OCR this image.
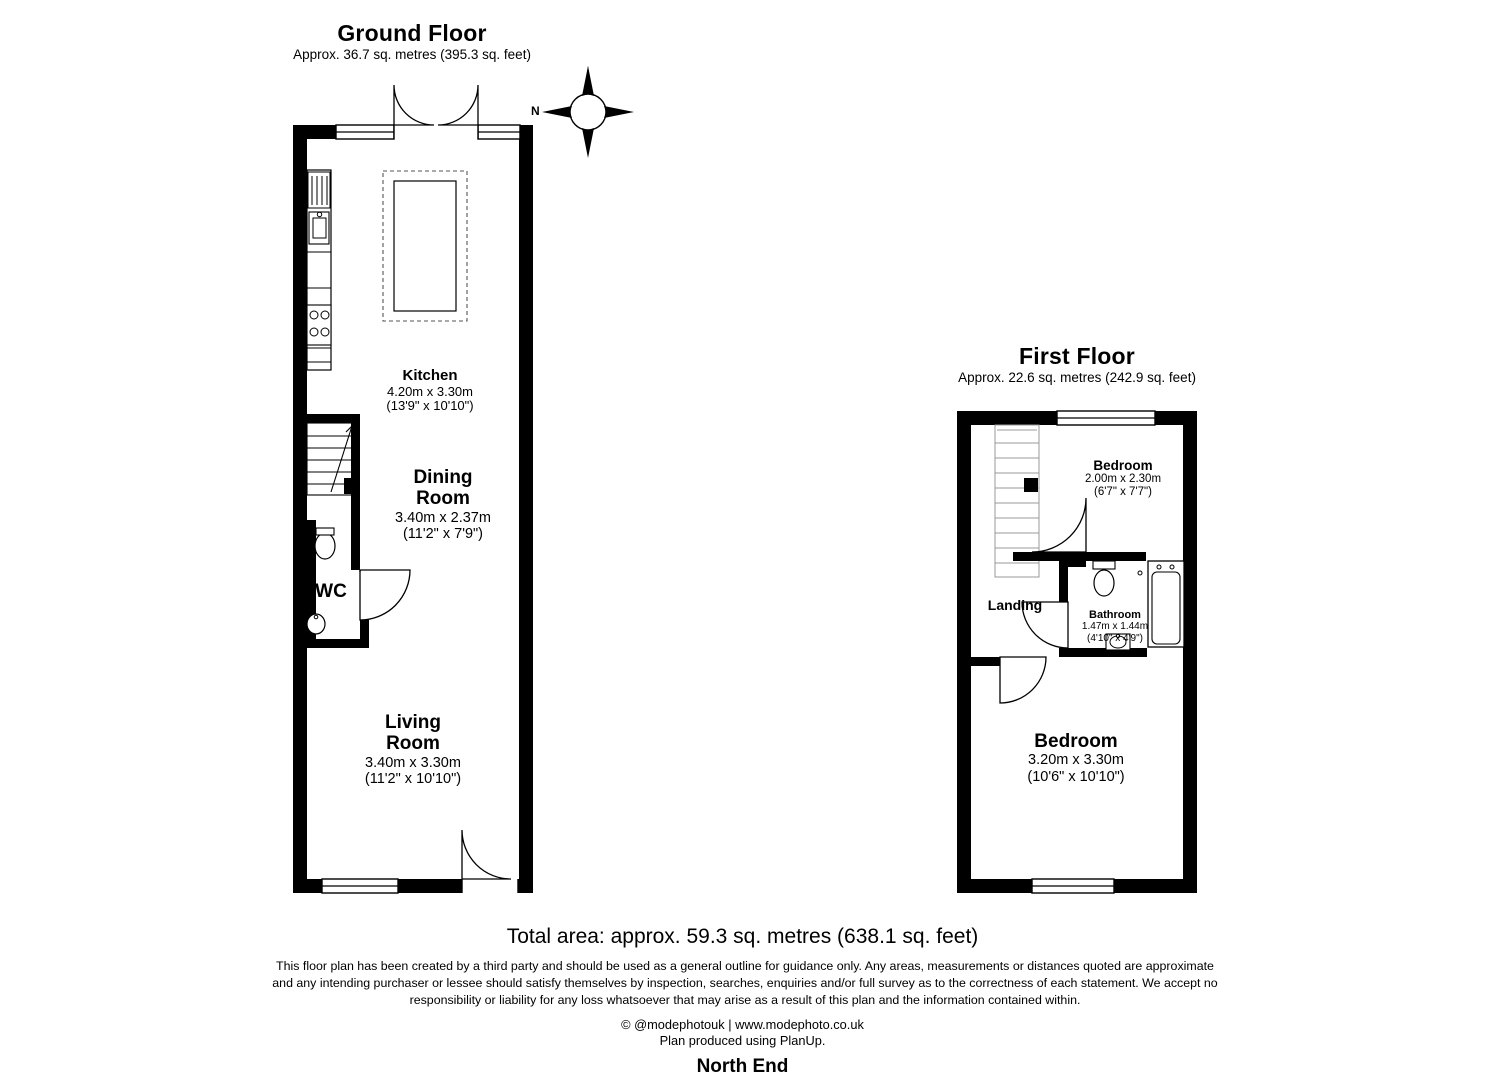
Ground Floor
Approx. 36.7 sq. metres (395.3 sq. feet)
N
Kitchen
4.20m x 3.30m
(13'9" x 10'10")
Dining
Room
3.40m x 2.37m
(11'2" x 7'9")
WC
Living
Room
3.40m x 3.30m
(11'2" x 10'10")
First Floor
Approx. 22.6 sq. metres (242.9 sq. feet)
Bedroom
2.00m x 2.30m
(6'7" x 7'7")
Landing
Bathroom
1.47m x 1.44m
(4'10" x 4'9")
Bedroom
3.20m x 3.30m
(10'6" x 10'10")
Total area: approx. 59.3 sq. metres (638.1 sq. feet)
This floor plan has been created by a third party and should be used as a general outline for guidance only. Any areas, measurements or distances quoted are approximate and any intending purchaser or lessee should satisfy themselves by inspection, searches, enquiries and/or full survey as to the correctness of each statement. We accept no responsibility or liability for any loss whatsoever that may arise as a result of this plan and the information contained within.
© @modephotouk | www.modephoto.co.uk
Plan produced using PlanUp.
North End
